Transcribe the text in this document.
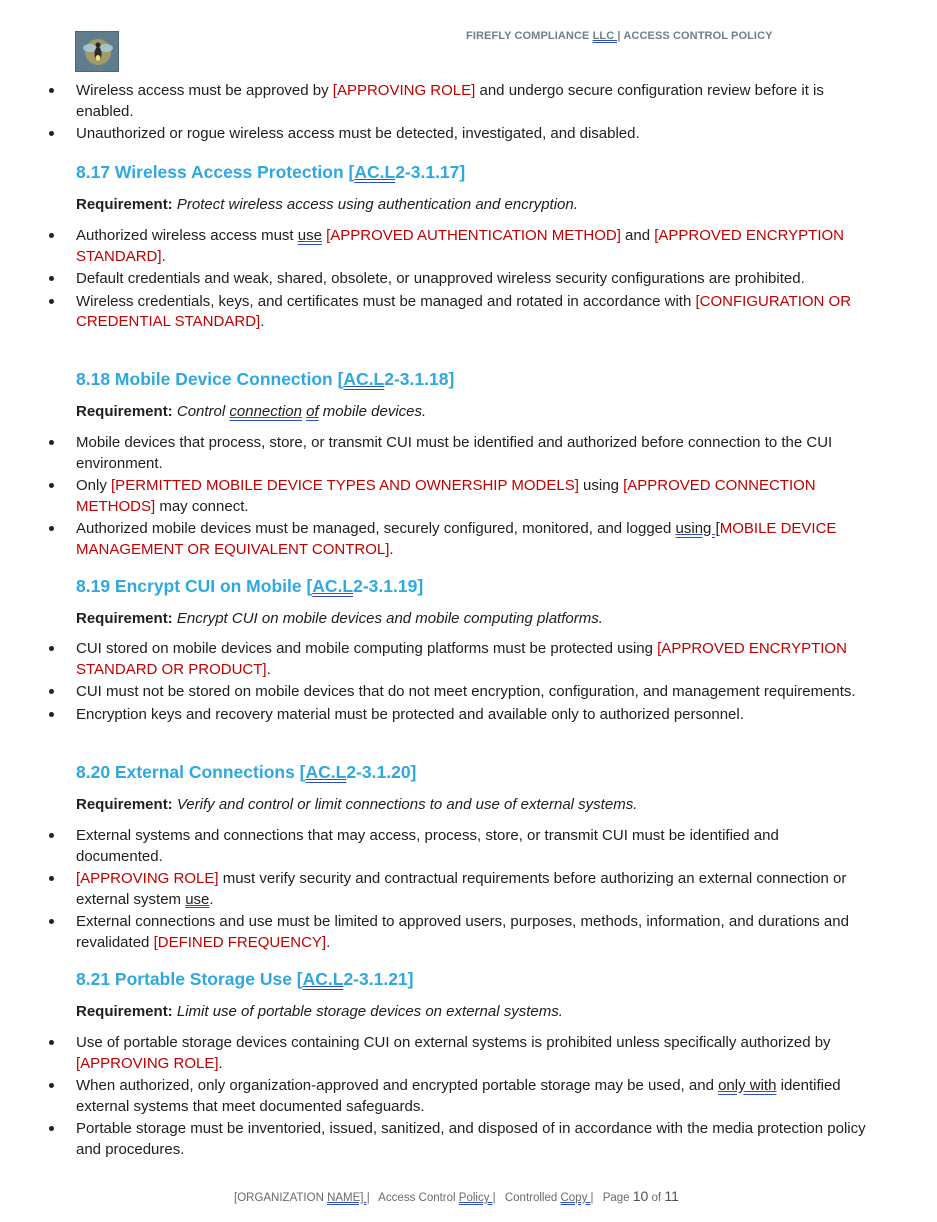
FIREFLY COMPLIANCE LLC | ACCESS CONTROL POLICY
Wireless access must be approved by [APPROVING ROLE] and undergo secure configuration review before it is enabled.
Unauthorized or rogue wireless access must be detected, investigated, and disabled.
8.17 Wireless Access Protection [AC.L2-3.1.17]
Requirement: Protect wireless access using authentication and encryption.
Authorized wireless access must use [APPROVED AUTHENTICATION METHOD] and [APPROVED ENCRYPTION STANDARD].
Default credentials and weak, shared, obsolete, or unapproved wireless security configurations are prohibited.
Wireless credentials, keys, and certificates must be managed and rotated in accordance with [CONFIGURATION OR CREDENTIAL STANDARD].
8.18 Mobile Device Connection [AC.L2-3.1.18]
Requirement: Control connection of mobile devices.
Mobile devices that process, store, or transmit CUI must be identified and authorized before connection to the CUI environment.
Only [PERMITTED MOBILE DEVICE TYPES AND OWNERSHIP MODELS] using [APPROVED CONNECTION METHODS] may connect.
Authorized mobile devices must be managed, securely configured, monitored, and logged using [MOBILE DEVICE MANAGEMENT OR EQUIVALENT CONTROL].
8.19 Encrypt CUI on Mobile [AC.L2-3.1.19]
Requirement: Encrypt CUI on mobile devices and mobile computing platforms.
CUI stored on mobile devices and mobile computing platforms must be protected using [APPROVED ENCRYPTION STANDARD OR PRODUCT].
CUI must not be stored on mobile devices that do not meet encryption, configuration, and management requirements.
Encryption keys and recovery material must be protected and available only to authorized personnel.
8.20 External Connections [AC.L2-3.1.20]
Requirement: Verify and control or limit connections to and use of external systems.
External systems and connections that may access, process, store, or transmit CUI must be identified and documented.
[APPROVING ROLE] must verify security and contractual requirements before authorizing an external connection or external system use.
External connections and use must be limited to approved users, purposes, methods, information, and durations and revalidated [DEFINED FREQUENCY].
8.21 Portable Storage Use [AC.L2-3.1.21]
Requirement: Limit use of portable storage devices on external systems.
Use of portable storage devices containing CUI on external systems is prohibited unless specifically authorized by [APPROVING ROLE].
When authorized, only organization-approved and encrypted portable storage may be used, and only with identified external systems that meet documented safeguards.
Portable storage must be inventoried, issued, sanitized, and disposed of in accordance with the media protection policy and procedures.
[ORGANIZATION NAME] | Access Control Policy | Controlled Copy | Page 10 of 11
